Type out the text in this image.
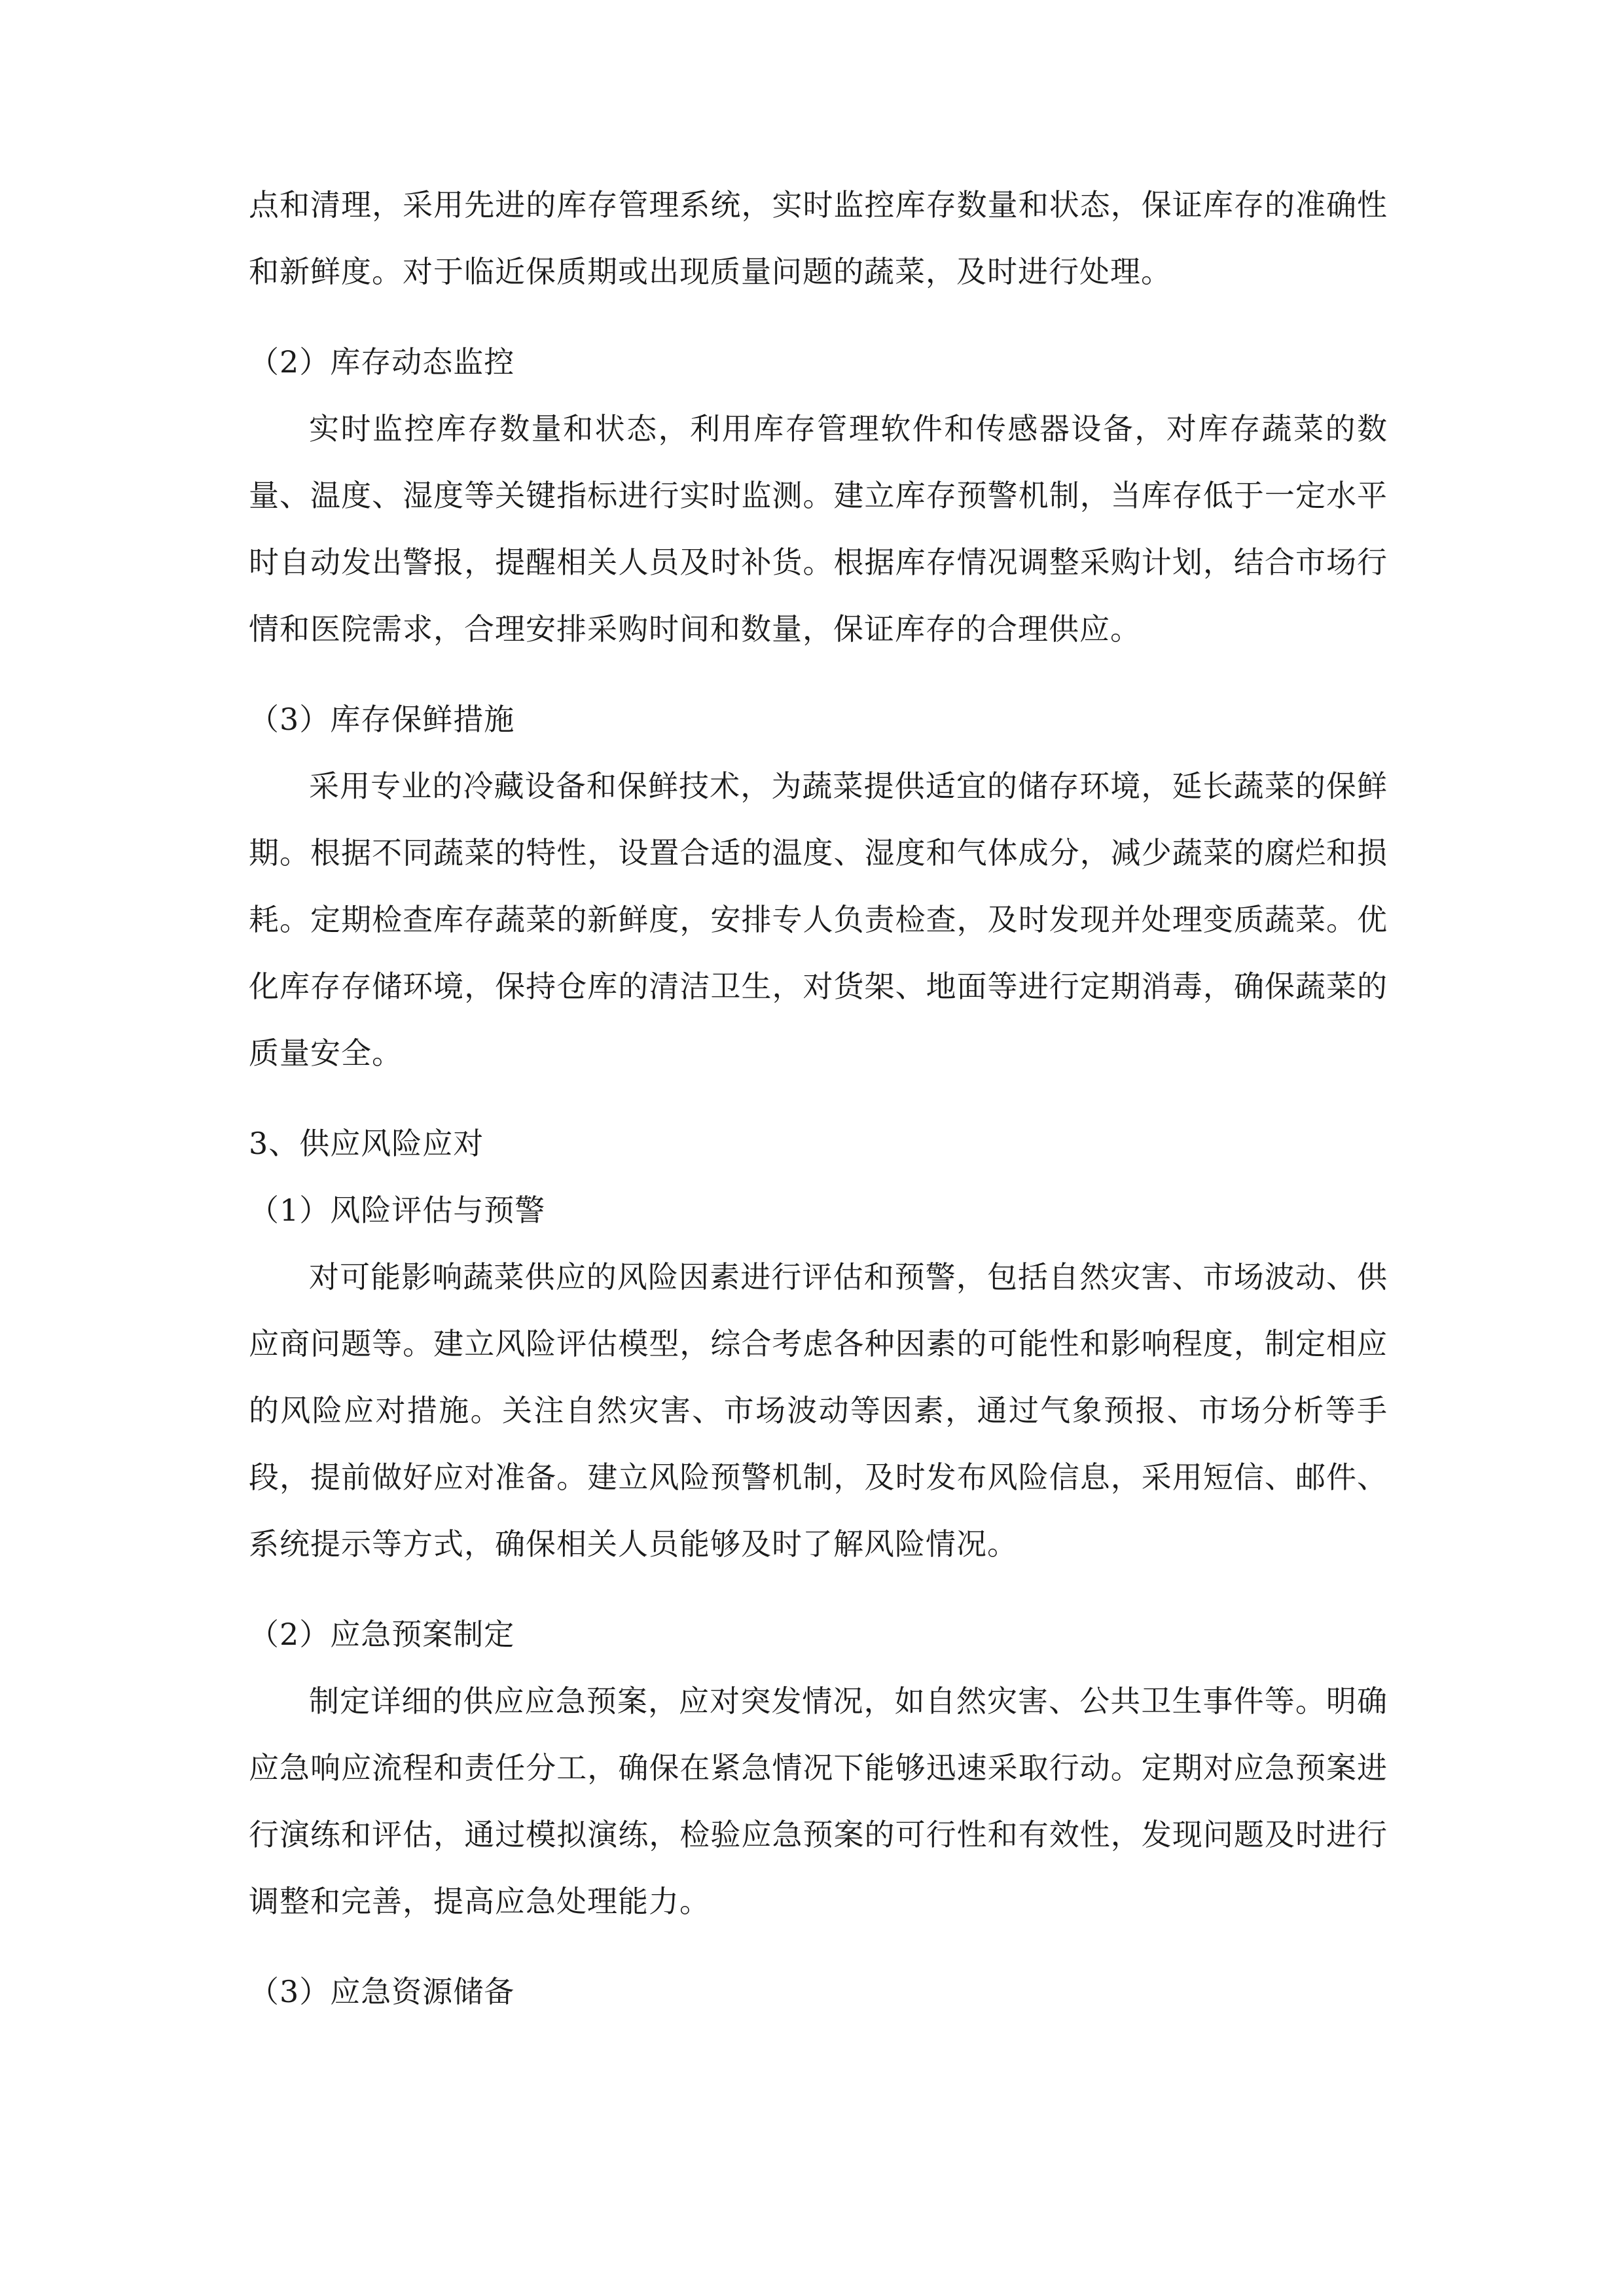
点和清理，采用先进的库存管理系统，实时监控库存数量和状态，保证库存的准确性和新鲜度。对于临近保质期或出现质量问题的蔬菜，及时进行处理。

（2）库存动态监控

实时监控库存数量和状态，利用库存管理软件和传感器设备，对库存蔬菜的数量、温度、湿度等关键指标进行实时监测。建立库存预警机制，当库存低于一定水平时自动发出警报，提醒相关人员及时补货。根据库存情况调整采购计划，结合市场行情和医院需求，合理安排采购时间和数量，保证库存的合理供应。

（3）库存保鲜措施

采用专业的冷藏设备和保鲜技术，为蔬菜提供适宜的储存环境，延长蔬菜的保鲜期。根据不同蔬菜的特性，设置合适的温度、湿度和气体成分，减少蔬菜的腐烂和损耗。定期检查库存蔬菜的新鲜度，安排专人负责检查，及时发现并处理变质蔬菜。优化库存存储环境，保持仓库的清洁卫生，对货架、地面等进行定期消毒，确保蔬菜的质量安全。

3、供应风险应对

（1）风险评估与预警

对可能影响蔬菜供应的风险因素进行评估和预警，包括自然灾害、市场波动、供应商问题等。建立风险评估模型，综合考虑各种因素的可能性和影响程度，制定相应的风险应对措施。关注自然灾害、市场波动等因素，通过气象预报、市场分析等手段，提前做好应对准备。建立风险预警机制，及时发布风险信息，采用短信、邮件、系统提示等方式，确保相关人员能够及时了解风险情况。

（2）应急预案制定

制定详细的供应应急预案，应对突发情况，如自然灾害、公共卫生事件等。明确应急响应流程和责任分工，确保在紧急情况下能够迅速采取行动。定期对应急预案进行演练和评估，通过模拟演练，检验应急预案的可行性和有效性，发现问题及时进行调整和完善，提高应急处理能力。

（3）应急资源储备
